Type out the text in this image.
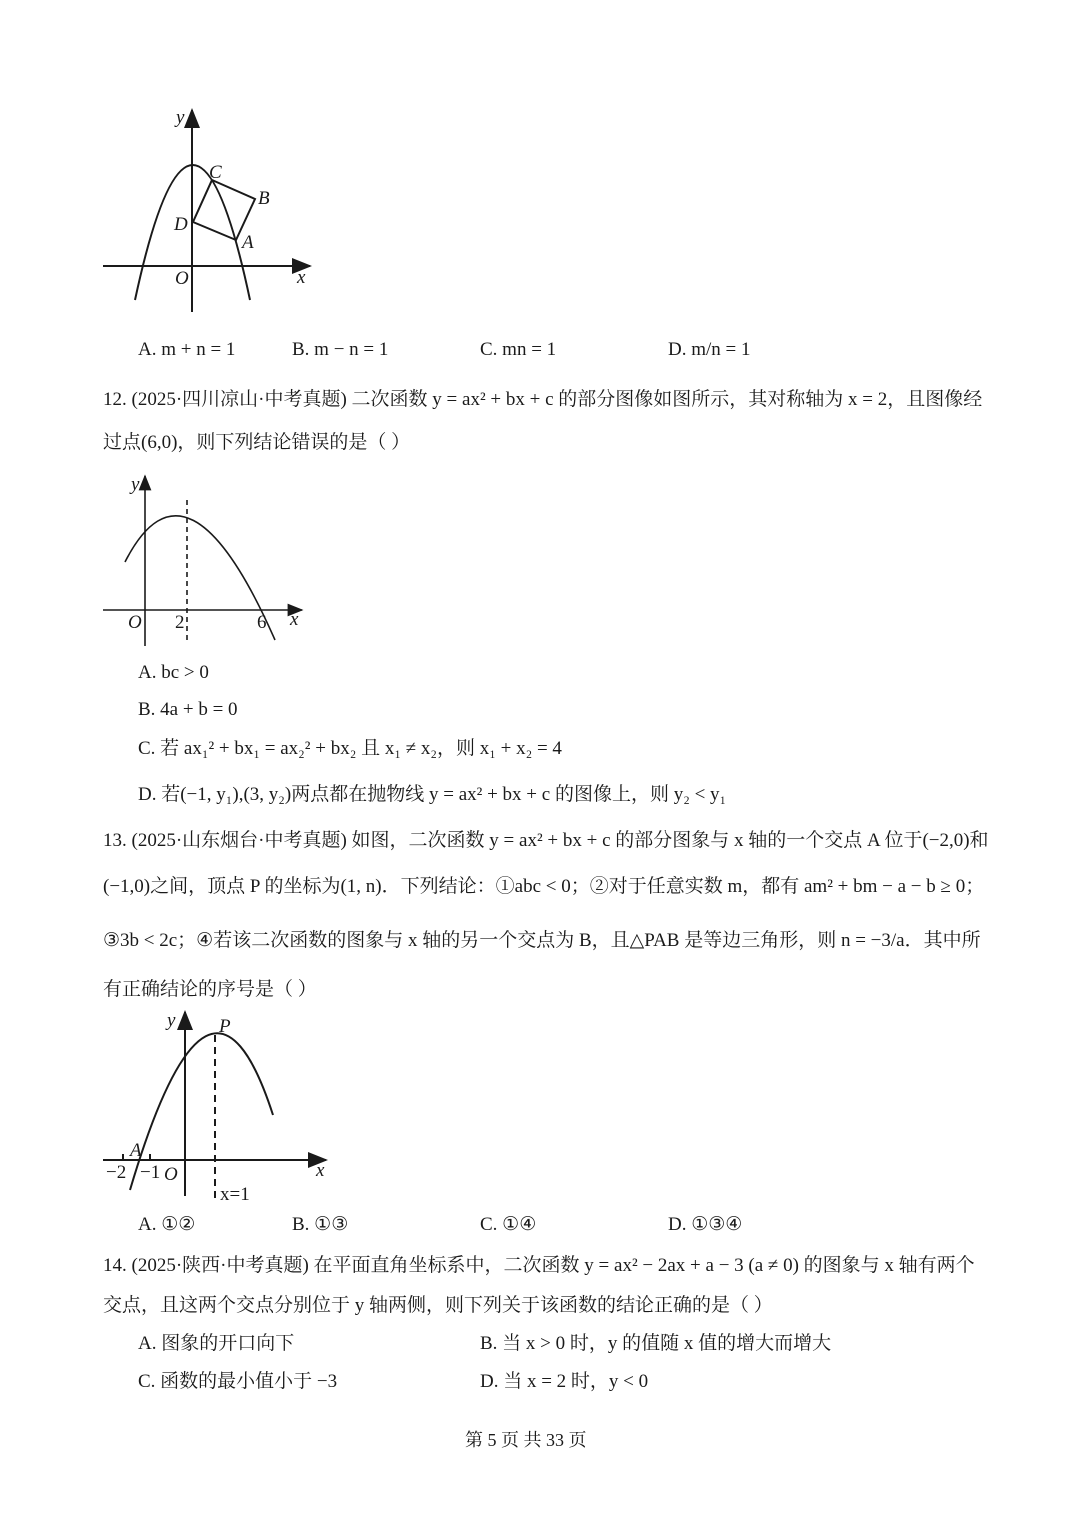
y
C
B
D
A
O	x
y
O 2	6 x
y P
A
−2 −1 O	x
x=1
A. m + n = 1	B. m − n = 1	C. mn = 1	D. m/n = 1
12. (2025·四川凉山·中考真题) 二次函数 y = ax² + bx + c 的部分图像如图所示，其对称轴为 x = 2，且图像经
过点(6,0)，则下列结论错误的是（ ）
A. bc > 0
B. 4a + b = 0
C. 若 ax₁² + bx₁ = ax₂² + bx₂ 且 x₁ ≠ x₂，则 x₁ + x₂ = 4
D. 若(−1, y₁),(3, y₂)两点都在抛物线 y = ax² + bx + c 的图像上，则 y₂ < y₁
13. (2025·山东烟台·中考真题) 如图，二次函数 y = ax² + bx + c 的部分图象与 x 轴的一个交点 A 位于(−2,0)和
(−1,0)之间，顶点 P 的坐标为(1, n)．下列结论：①abc < 0；②对于任意实数 m，都有 am² + bm − a − b ≥ 0；
③3b < 2c；④若该二次函数的图象与 x 轴的另一个交点为 B，且△PAB 是等边三角形，则 n = −3/a．其中所
有正确结论的序号是（ ）
A. ①②	B. ①③	C. ①④	D. ①③④
14. (2025·陕西·中考真题) 在平面直角坐标系中，二次函数 y = ax² − 2ax + a − 3 (a ≠ 0) 的图象与 x 轴有两个
交点，且这两个交点分别位于 y 轴两侧，则下列关于该函数的结论正确的是（ ）
A. 图象的开口向下	B. 当 x > 0 时，y 的值随 x 值的增大而增大
C. 函数的最小值小于 −3	D. 当 x = 2 时，y < 0
第 5 页 共 33 页
